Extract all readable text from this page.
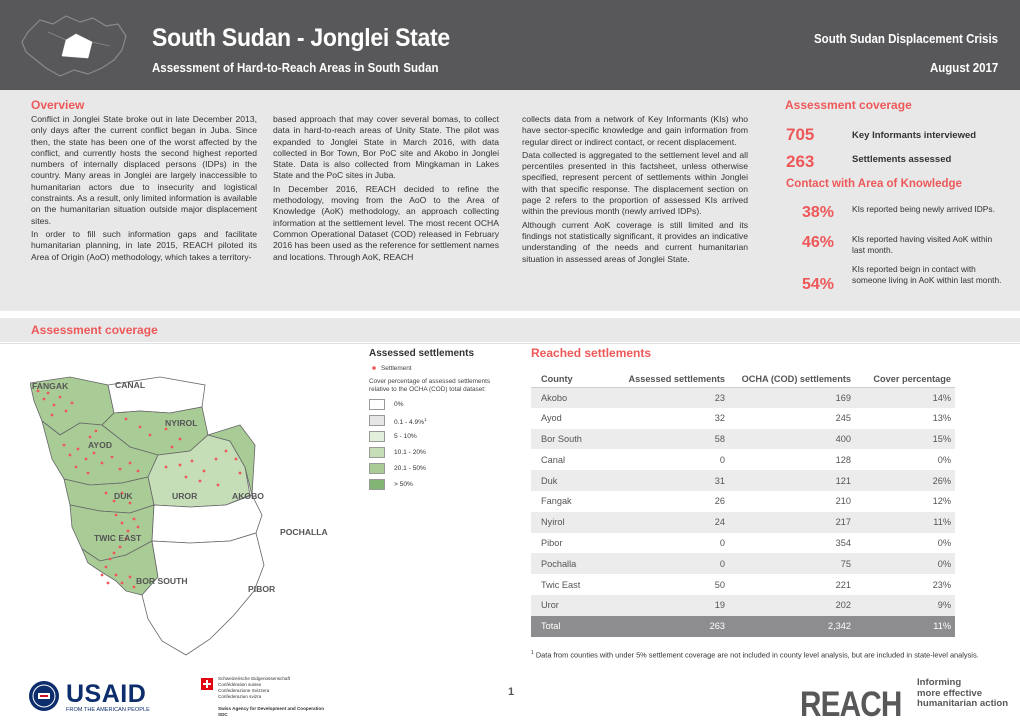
South Sudan - Jonglei State
Assessment of Hard-to-Reach Areas in South Sudan
South Sudan Displacement Crisis
August 2017
Overview

Conflict in Jonglei State broke out in late December 2013, only days after the current conflict began in Juba. Since then, the state has been one of the worst affected by the conflict, and currently hosts the second highest reported numbers of internally displaced persons (IDPs) in the country. Many areas in Jonglei are largely inaccessible to humanitarian actors due to insecurity and logistical constraints. As a result, only limited information is available on the humanitarian situation outside major displacement sites.

In order to fill such information gaps and facilitate humanitarian planning, in late 2015, REACH piloted its Area of Origin (AoO) methodology, which takes a territory-

based approach that may cover several bomas, to collect data in hard-to-reach areas of Unity State. The pilot was expanded to Jonglei State in March 2016, with data collected in Bor Town, Bor PoC site and Akobo in Jonglei State. Data is also collected from Mingkaman in Lakes State and the PoC sites in Juba.

In December 2016, REACH decided to refine the methodology, moving from the AoO to the Area of Knowledge (AoK) methodology, an approach collecting information at the settlement level. The most recent OCHA Common Operational Dataset (COD) released in February 2016 has been used as the reference for settlement names and locations. Through AoK, REACH

collects data from a network of Key Informants (KIs) who have sector-specific knowledge and gain information from regular direct or indirect contact, or recent displacement.

Data collected is aggregated to the settlement level and all percentiles presented in this factsheet, unless otherwise specified, represent percent of settlements within Jonglei with that specific response. The displacement section on page 2 refers to the proportion of assessed KIs arrived within the previous month (newly arrived IDPs).

Although current AoK coverage is still limited and its findings not statistically significant, it provides an indicative understanding of the needs and current humanitarian situation in assessed areas of Jonglei State.

Assessment coverage
705	Key Informants interviewed
263	Settlements assessed
Contact with Area of Knowledge
38% KIs reported being newly arrived IDPs.
46% KIs reported having visited AoK within last month.
54%
KIs reported beign in contact with someone living in AoK within last month.
Assessment coverage
FANGAK	CANAL
NYIROL
AYOD
DUK	UROR	AKOBO
TWIC EAST
POCHALLA
BOR SOUTH
PIBOR
Assessed settlements
Settlement
Cover percentage of assessed settlements relative to the OCHA (COD) total dataset:
0%
0.1 - 4.9%$^1$
5 - 10%
10.1 - 20%
20.1 - 50%
> 50%
Reached settlements
County	Assessed settlements	OCHA (COD) settlements	Cover percentage
Akobo	23	169	14%
Ayod	32	245	13%
Bor South	58	400	15%
Canal	0	128	0%
Duk	31	121	26%
Fangak	26	210	12%
Nyirol	24	217	11%
Pibor	0	354	0%
Pochalla	0	75	0%
Twic East	50	221	23%
Uror	19	202	9%
Total	263	2,342	11%
$^1$ Data from counties with under 5% settlement coverage are not included in county level analysis, but are included in state-level analysis.
USAID
FROM THE AMERICAN PEOPLE
Schweizerische Eidgenossenschaft
Confédération suisse
Confederazione Svizzera
Confederaziun svizra
Swiss Agency for Development and Cooperation SDC
1	REACH
Informing
more effective
humanitarian action
